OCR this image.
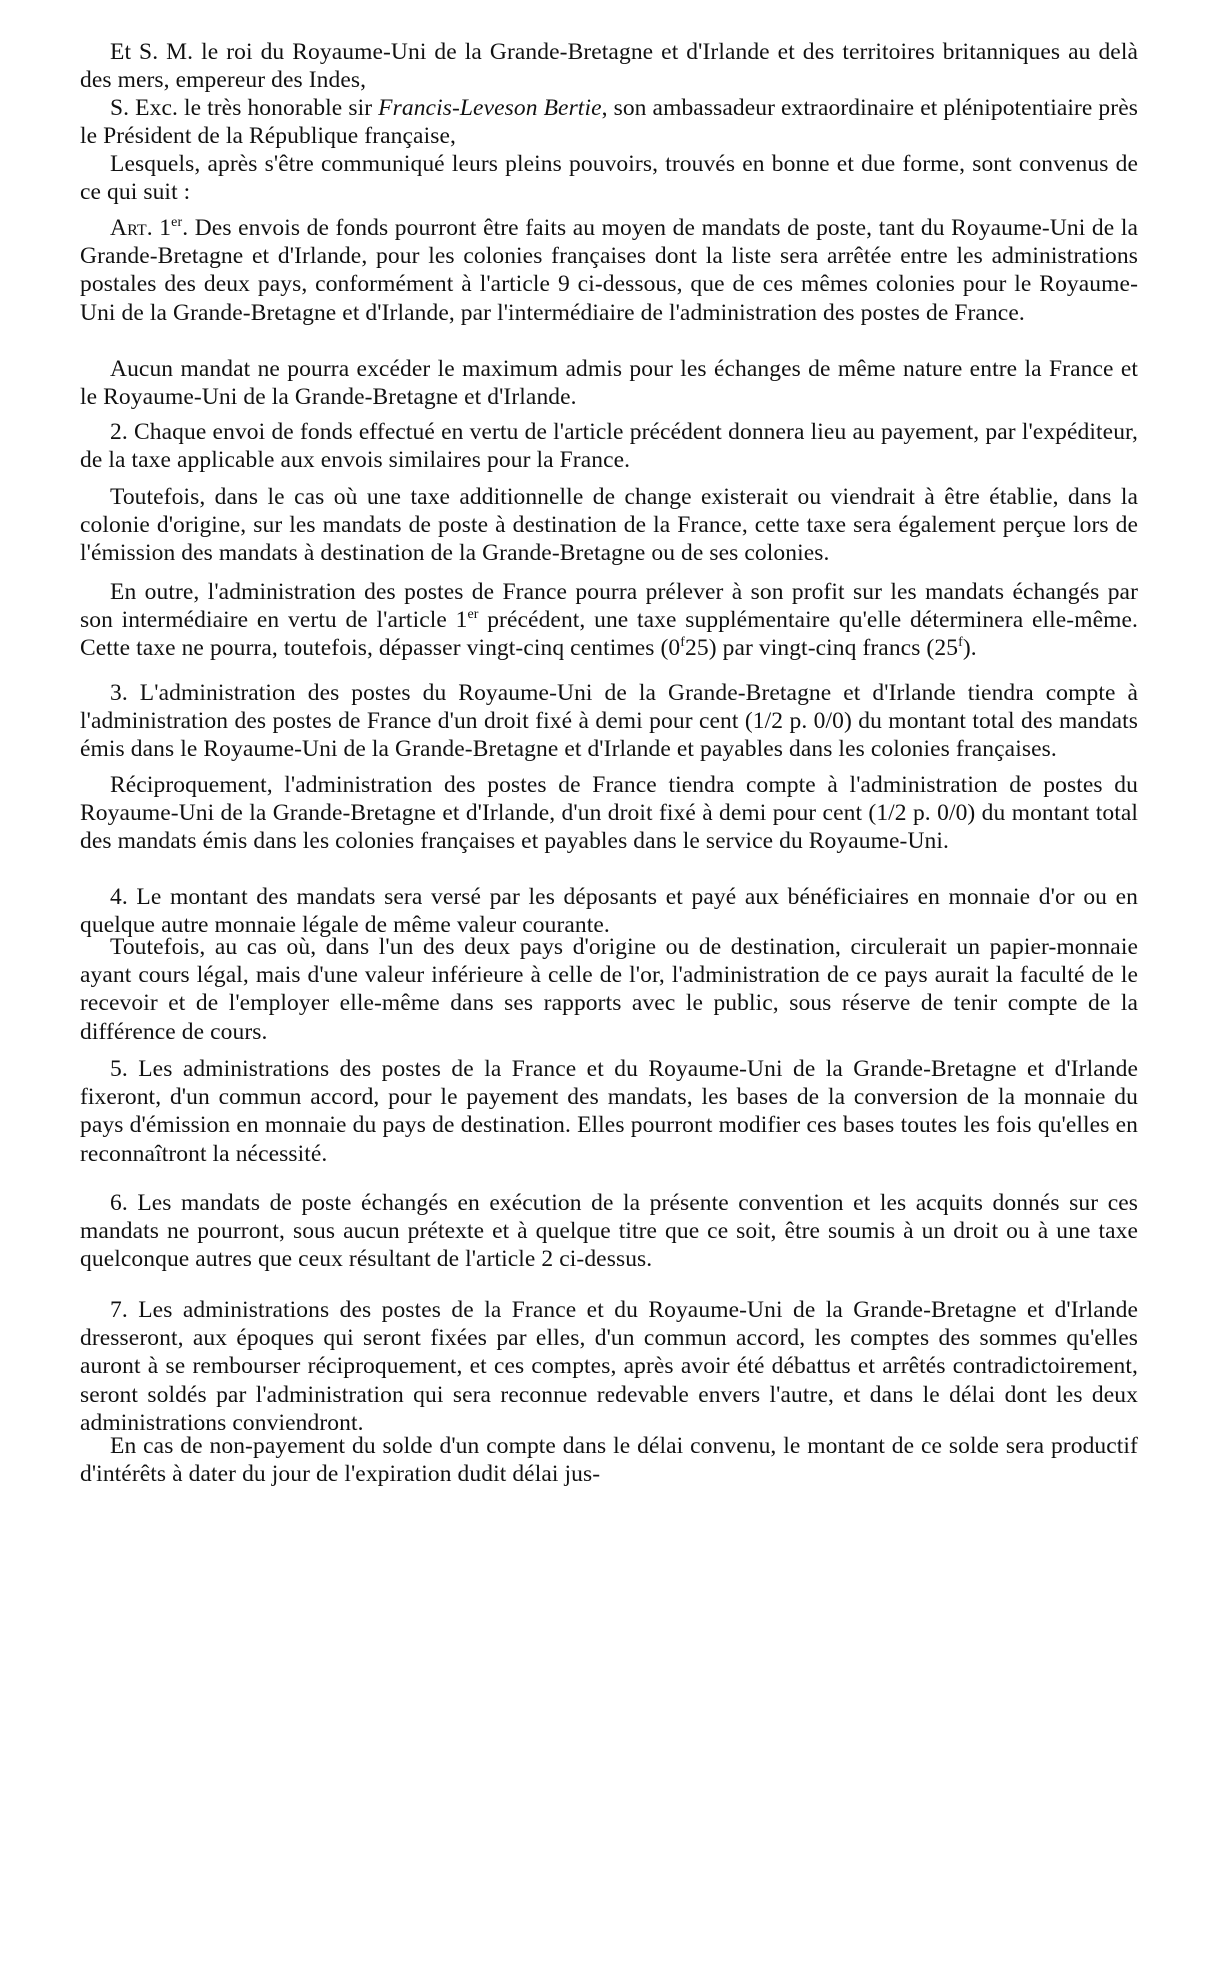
Et S. M. le roi du Royaume-Uni de la Grande-Bretagne et d'Irlande et des territoires britanniques au delà des mers, empereur des Indes,

S. Exc. le très honorable sir Francis-Leveson Bertie, son ambassadeur extraordinaire et plénipotentiaire près le Président de la République française,

Lesquels, après s'être communiqué leurs pleins pouvoirs, trouvés en bonne et due forme, sont convenus de ce qui suit :

Art. 1er. Des envois de fonds pourront être faits au moyen de mandats de poste, tant du Royaume-Uni de la Grande-Bretagne et d'Irlande, pour les colonies françaises dont la liste sera arrêtée entre les administrations postales des deux pays, conformément à l'article 9 ci-dessous, que de ces mêmes colonies pour le Royaume-Uni de la Grande-Bretagne et d'Irlande, par l'intermédiaire de l'administration des postes de France.

Aucun mandat ne pourra excéder le maximum admis pour les échanges de même nature entre la France et le Royaume-Uni de la Grande-Bretagne et d'Irlande.

2. Chaque envoi de fonds effectué en vertu de l'article précédent donnera lieu au payement, par l'expéditeur, de la taxe applicable aux envois similaires pour la France.

Toutefois, dans le cas où une taxe additionnelle de change existerait ou viendrait à être établie, dans la colonie d'origine, sur les mandats de poste à destination de la France, cette taxe sera également perçue lors de l'émission des mandats à destination de la Grande-Bretagne ou de ses colonies.

En outre, l'administration des postes de France pourra prélever à son profit sur les mandats échangés par son intermédiaire en vertu de l'article 1er précédent, une taxe supplémentaire qu'elle déterminera elle-même. Cette taxe ne pourra, toutefois, dépasser vingt-cinq centimes (0$^f$25) par vingt-cinq francs (25$^f$).

3. L'administration des postes du Royaume-Uni de la Grande-Bretagne et d'Irlande tiendra compte à l'administration des postes de France d'un droit fixé à demi pour cent (1/2 p. 0/0) du montant total des mandats émis dans le Royaume-Uni de la Grande-Bretagne et d'Irlande et payables dans les colonies françaises.

Réciproquement, l'administration des postes de France tiendra compte à l'administration de postes du Royaume-Uni de la Grande-Bretagne et d'Irlande, d'un droit fixé à demi pour cent (1/2 p. 0/0) du montant total des mandats émis dans les colonies françaises et payables dans le service du Royaume-Uni.

4. Le montant des mandats sera versé par les déposants et payé aux bénéficiaires en monnaie d'or ou en quelque autre monnaie légale de même valeur courante.

Toutefois, au cas où, dans l'un des deux pays d'origine ou de destination, circulerait un papier-monnaie ayant cours légal, mais d'une valeur inférieure à celle de l'or, l'administration de ce pays aurait la faculté de le recevoir et de l'employer elle-même dans ses rapports avec le public, sous réserve de tenir compte de la différence de cours.

5. Les administrations des postes de la France et du Royaume-Uni de la Grande-Bretagne et d'Irlande fixeront, d'un commun accord, pour le payement des mandats, les bases de la conversion de la monnaie du pays d'émission en monnaie du pays de destination. Elles pourront modifier ces bases toutes les fois qu'elles en reconnaîtront la nécessité.

6. Les mandats de poste échangés en exécution de la présente convention et les acquits donnés sur ces mandats ne pourront, sous aucun prétexte et à quelque titre que ce soit, être soumis à un droit ou à une taxe quelconque autres que ceux résultant de l'article 2 ci-dessus.

7. Les administrations des postes de la France et du Royaume-Uni de la Grande-Bretagne et d'Irlande dresseront, aux époques qui seront fixées par elles, d'un commun accord, les comptes des sommes qu'elles auront à se rembourser réciproquement, et ces comptes, après avoir été débattus et arrêtés contradictoirement, seront soldés par l'administration qui sera reconnue redevable envers l'autre, et dans le délai dont les deux administrations conviendront.

En cas de non-payement du solde d'un compte dans le délai convenu, le montant de ce solde sera productif d'intérêts à dater du jour de l'expiration dudit délai jus-
